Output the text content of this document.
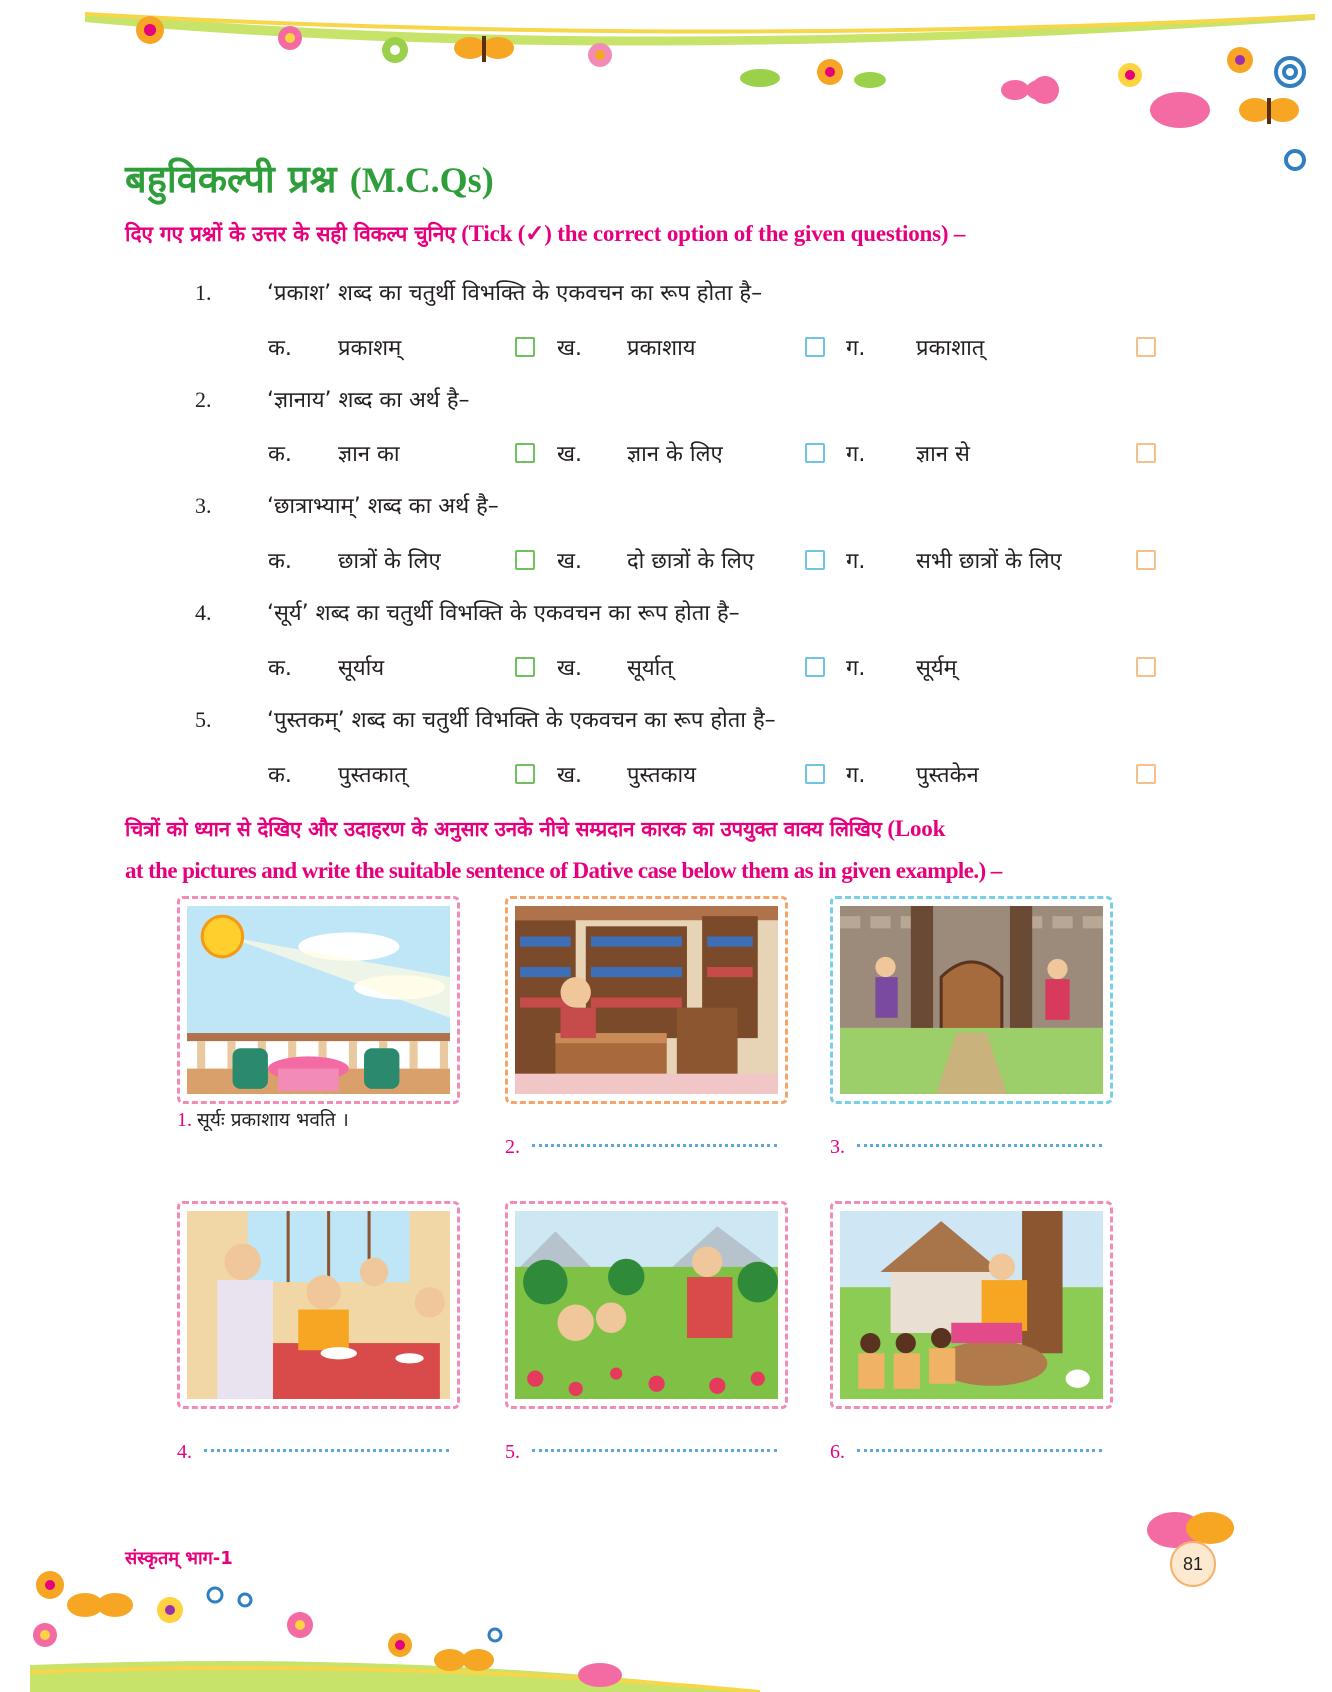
बहुविकल्पी प्रश्न (M.C.Qs)
दिए गए प्रश्नों के उत्तर के सही विकल्प चुनिए (Tick (✓) the correct option of the given questions) –
1.	‘प्रकाश’ शब्द का चतुर्थी विभक्ति के एकवचन का रूप होता है–
क. प्रकाशम्	ख. प्रकाशाय	ग. प्रकाशात्
2.	‘ज्ञानाय’ शब्द का अर्थ है–
क. ज्ञान का	ख. ज्ञान के लिए	ग. ज्ञान से
3.	‘छात्राभ्याम्’ शब्द का अर्थ है–
क. छात्रों के लिए	ख. दो छात्रों के लिए	ग. सभी छात्रों के लिए
4.	‘सूर्य’ शब्द का चतुर्थी विभक्ति के एकवचन का रूप होता है–
क. सूर्याय	ख. सूर्यात्	ग. सूर्यम्
5.	‘पुस्तकम्’ शब्द का चतुर्थी विभक्ति के एकवचन का रूप होता है–
क. पुस्तकात्	ख. पुस्तकाय	ग. पुस्तकेन
चित्रों को ध्यान से देखिए और उदाहरण के अनुसार उनके नीचे सम्प्रदान कारक का उपयुक्त वाक्य लिखिए (Look
at the pictures and write the suitable sentence of Dative case below them as in given example.) –
1. सूर्यः प्रकाशाय भवति ।
2.	3.
4.	5.	6.
संस्कृतम् भाग-1	81
